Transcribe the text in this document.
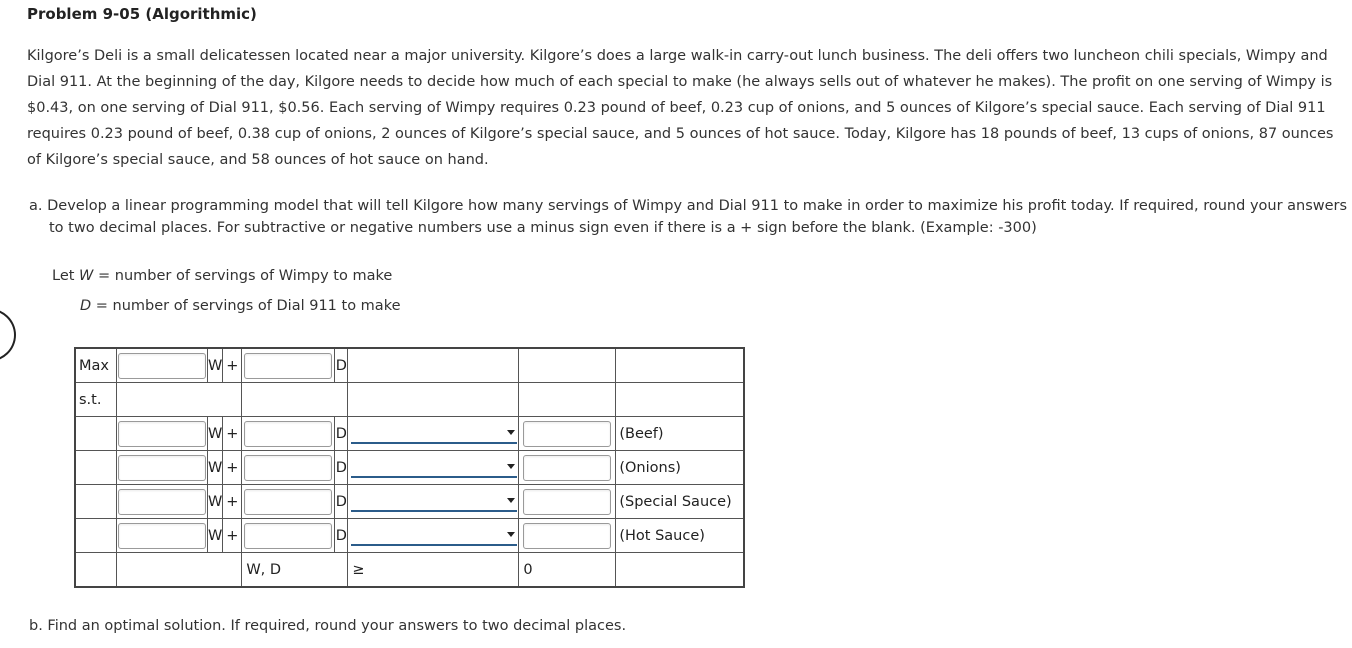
Problem 9-05 (Algorithmic)
Kilgore’s Deli is a small delicatessen located near a major university. Kilgore’s does a large walk-in carry-out lunch business. The deli offers two luncheon chili specials, Wimpy and Dial 911. At the beginning of the day, Kilgore needs to decide how much of each special to make (he always sells out of whatever he makes). The profit on one serving of Wimpy is $0.43, on one serving of Dial 911, $0.56. Each serving of Wimpy requires 0.23 pound of beef, 0.23 cup of onions, and 5 ounces of Kilgore’s special sauce. Each serving of Dial 911 requires 0.23 pound of beef, 0.38 cup of onions, 2 ounces of Kilgore’s special sauce, and 5 ounces of hot sauce. Today, Kilgore has 18 pounds of beef, 13 cups of onions, 87 ounces of Kilgore’s special sauce, and 58 ounces of hot sauce on hand.
a. Develop a linear programming model that will tell Kilgore how many servings of Wimpy and Dial 911 to make in order to maximize his profit today. If required, round your answers to two decimal places. For subtractive or negative numbers use a minus sign even if there is a + sign before the blank. (Example: -300)
Let W = number of servings of Wimpy to make
D = number of servings of Dial 911 to make
Max		W	+		D			
s.t.								
		W	+		D			(Beef)
		W	+		D			(Onions)
		W	+		D			(Special Sauce)
		W	+		D			(Hot Sauce)
				W, D		≥	0	
b. Find an optimal solution. If required, round your answers to two decimal places.
